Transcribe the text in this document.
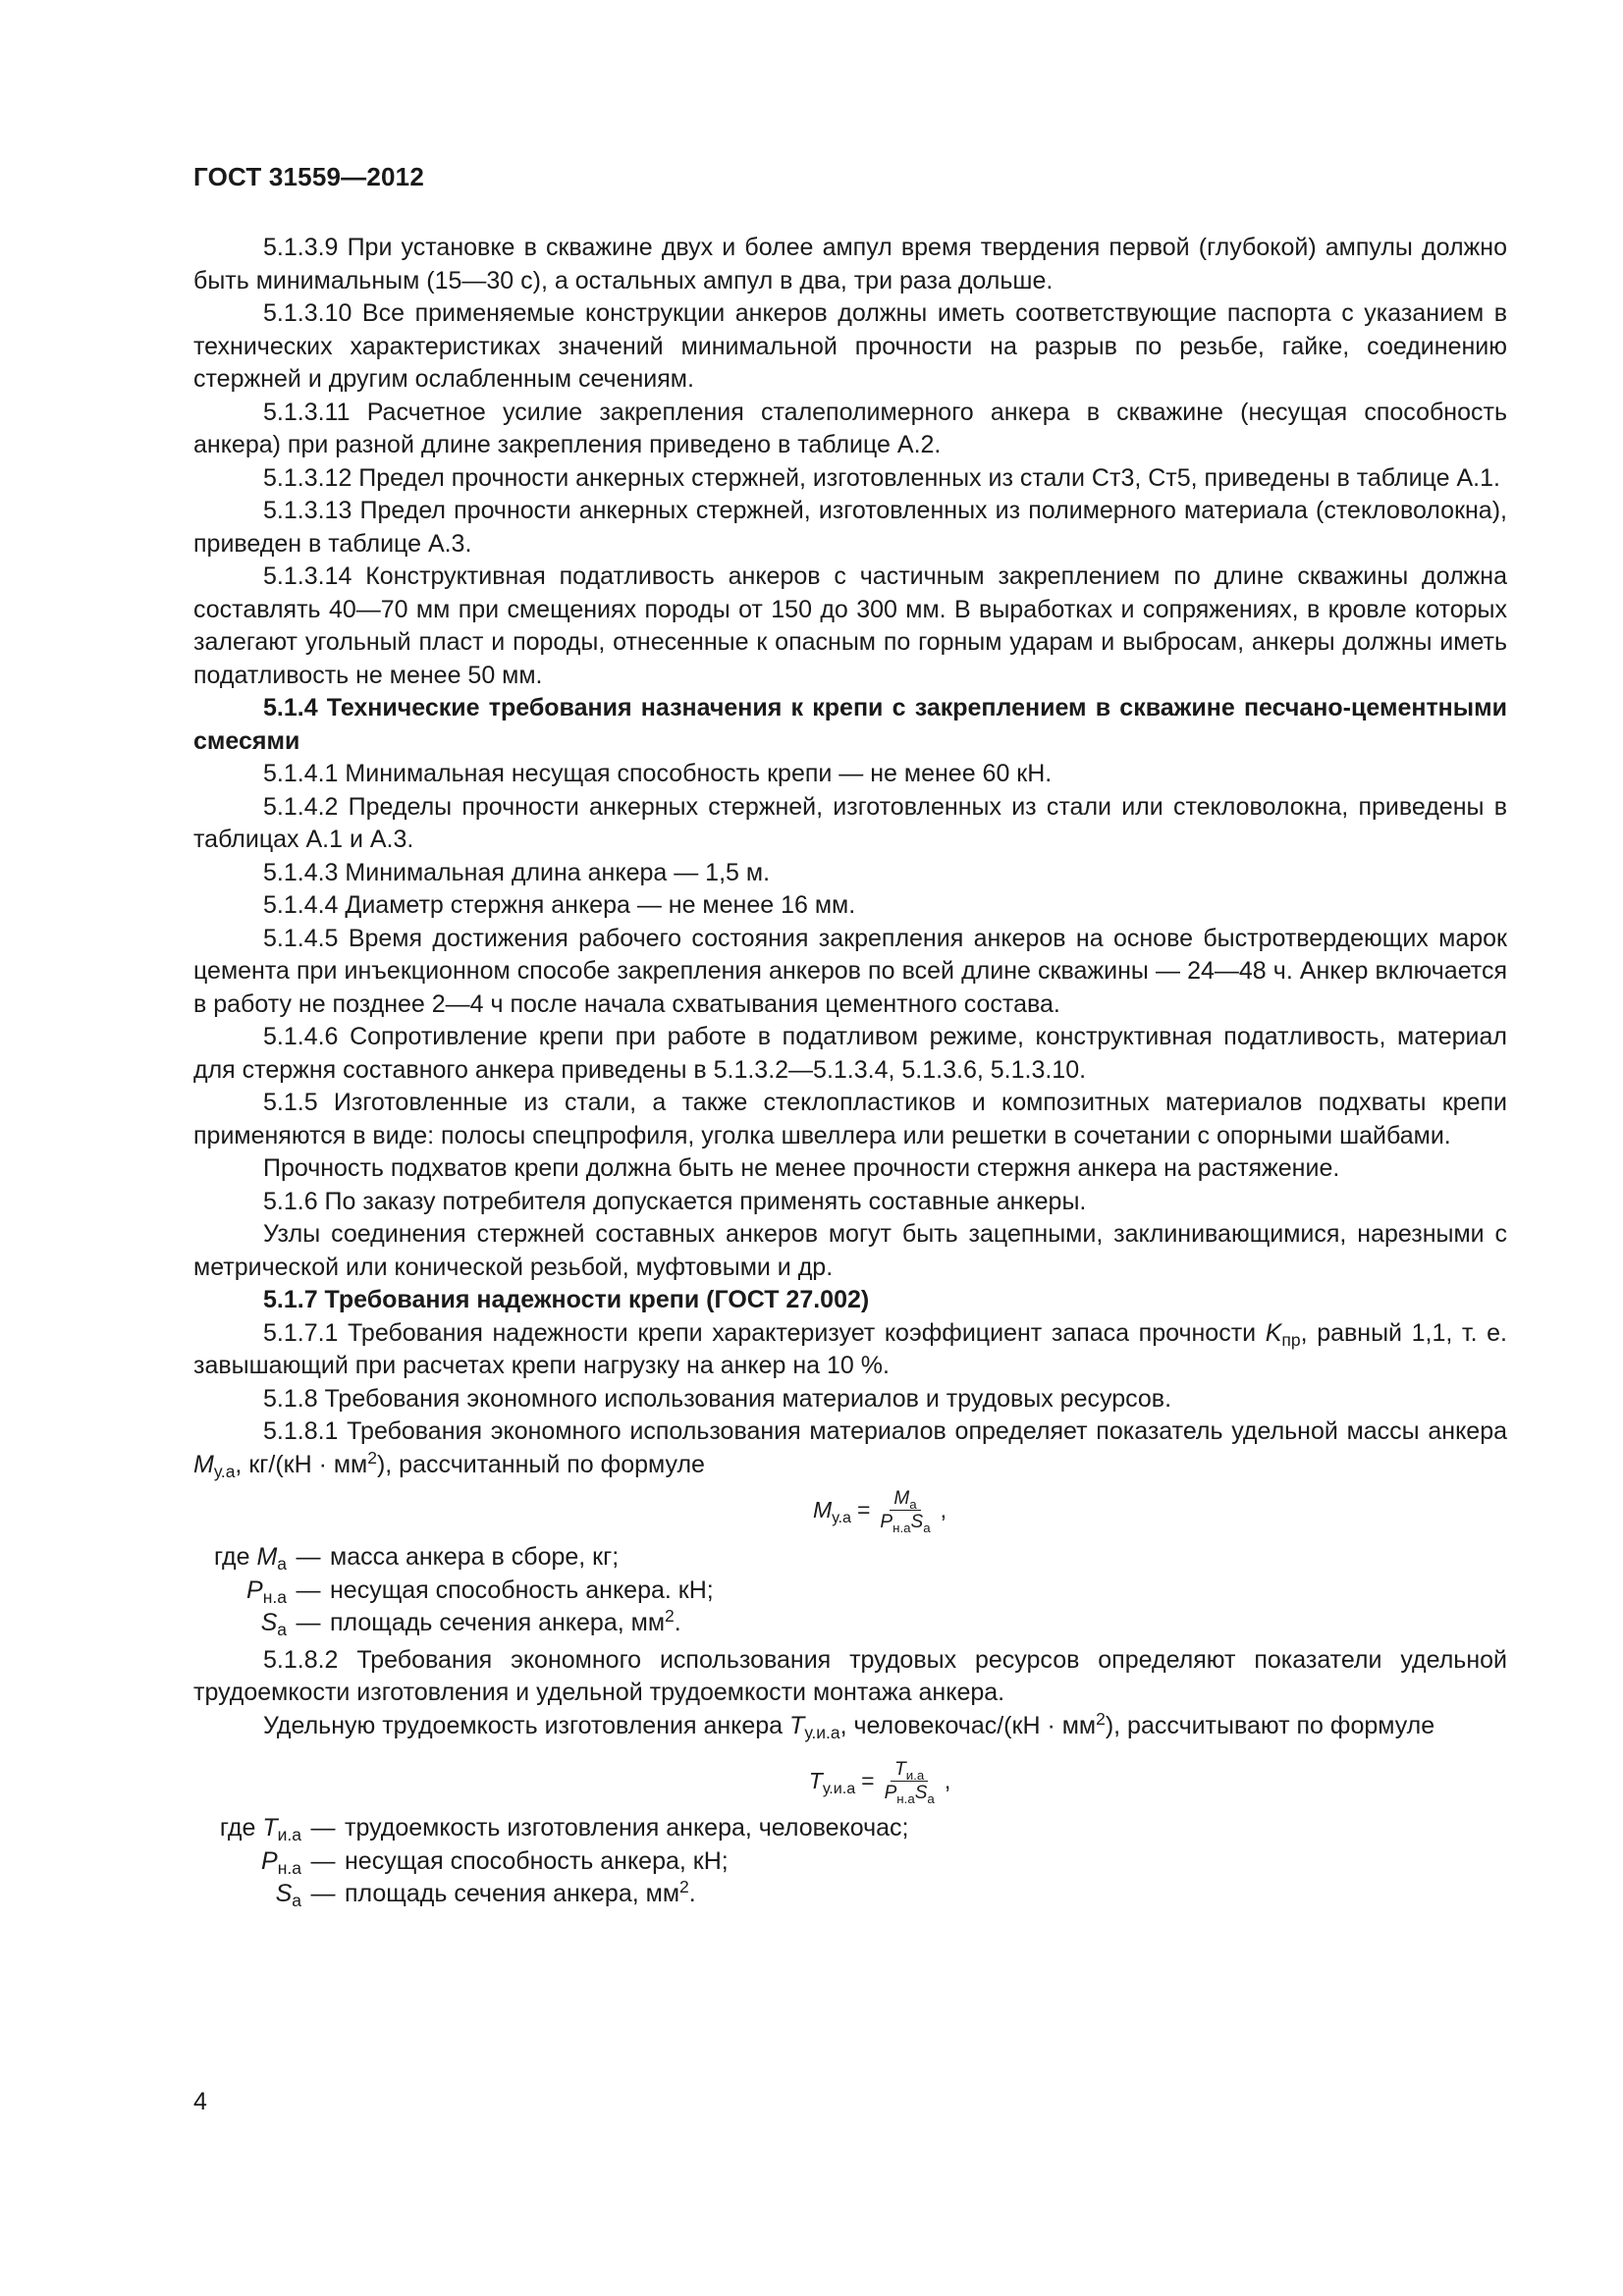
ГОСТ 31559—2012

5.1.3.9 При установке в скважине двух и более ампул время твердения первой (глубокой) ампулы должно быть минимальным (15—30 с), а остальных ампул в два, три раза дольше.

5.1.3.10 Все применяемые конструкции анкеров должны иметь соответствующие паспорта с указанием в технических характеристиках значений минимальной прочности на разрыв по резьбе, гайке, соединению стержней и другим ослабленным сечениям.

5.1.3.11 Расчетное усилие закрепления сталеполимерного анкера в скважине (несущая способность анкера) при разной длине закрепления приведено в таблице А.2.

5.1.3.12 Предел прочности анкерных стержней, изготовленных из стали Ст3, Ст5, приведены в таблице А.1.

5.1.3.13 Предел прочности анкерных стержней, изготовленных из полимерного материала (стекловолокна), приведен в таблице А.3.

5.1.3.14 Конструктивная податливость анкеров с частичным закреплением по длине скважины должна составлять 40—70 мм при смещениях породы от 150 до 300 мм. В выработках и сопряжениях, в кровле которых залегают угольный пласт и породы, отнесенные к опасным по горным ударам и выбросам, анкеры должны иметь податливость не менее 50 мм.

5.1.4 Технические требования назначения к крепи с закреплением в скважине песчано-цементными смесями

5.1.4.1 Минимальная несущая способность крепи — не менее 60 кН.

5.1.4.2 Пределы прочности анкерных стержней, изготовленных из стали или стекловолокна, приведены в таблицах А.1 и А.3.

5.1.4.3 Минимальная длина анкера — 1,5 м.

5.1.4.4 Диаметр стержня анкера — не менее 16 мм.

5.1.4.5 Время достижения рабочего состояния закрепления анкеров на основе быстротвердеющих марок цемента при инъекционном способе закрепления анкеров по всей длине скважины — 24—48 ч. Анкер включается в работу не позднее 2—4 ч после начала схватывания цементного состава.

5.1.4.6 Сопротивление крепи при работе в податливом режиме, конструктивная податливость, материал для стержня составного анкера приведены в 5.1.3.2—5.1.3.4, 5.1.3.6, 5.1.3.10.

5.1.5 Изготовленные из стали, а также стеклопластиков и композитных материалов подхваты крепи применяются в виде: полосы спецпрофиля, уголка швеллера или решетки в сочетании с опорными шайбами.

Прочность подхватов крепи должна быть не менее прочности стержня анкера на растяжение.

5.1.6 По заказу потребителя допускается применять составные анкеры.

Узлы соединения стержней составных анкеров могут быть зацепными, заклинивающимися, нарезными с метрической или конической резьбой, муфтовыми и др.

5.1.7 Требования надежности крепи (ГОСТ 27.002)

5.1.7.1 Требования надежности крепи характеризует коэффициент запаса прочности $K_{пр}$, равный 1,1, т. е. завышающий при расчетах крепи нагрузку на анкер на 10 %.

5.1.8 Требования экономного использования материалов и трудовых ресурсов.

5.1.8.1 Требования экономного использования материалов определяет показатель удельной массы анкера $M_{у.а}$, $кг/(кН \cdot мм^2)$, рассчитанный по формуле

$M_{у.а} = \frac{M_а}{P_{н.а}S_а}$ ,
где $M_а$ — масса анкера в сборе, кг;
$P_{н.а}$ — несущая способность анкера. кН;
$S_а$ — площадь сечения анкера, $мм^2$.

5.1.8.2 Требования экономного использования трудовых ресурсов определяют показатели удельной трудоемкости изготовления и удельной трудоемкости монтажа анкера.

Удельную трудоемкость изготовления анкера $T_{у.и.а}$, человекочас/(кН · $мм^2$), рассчитывают по формуле

$T_{у.и.а} = \frac{T_{и.а}}{P_{н.а}S_а}$ ,
где $T_{и.а}$ — трудоемкость изготовления анкера, человекочас;
$P_{н.а}$ — несущая способность анкера, кН;
$S_а$ — площадь сечения анкера, $мм^2$.
4
